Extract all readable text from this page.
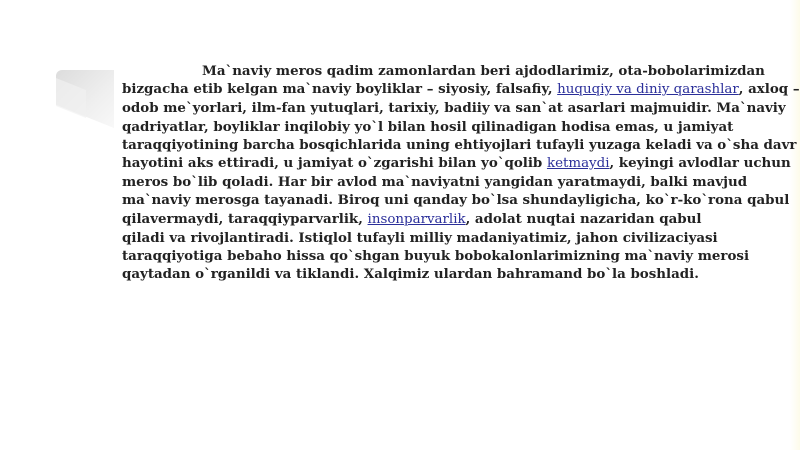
Ma`naviy meros qadim zamonlardan beri ajdodlarimiz, ota-bobolarimizdan
bizgacha etib kelgan ma`naviy boyliklar – siyosiy, falsafiy, huquqiy va diniy qarashlar, axloq –
odob me`yorlari, ilm-fan yutuqlari, tarixiy, badiiy va san`at asarlari majmuidir. Ma`naviy
qadriyatlar, boyliklar inqilobiy yo`l bilan hosil qilinadigan hodisa emas, u jamiyat
taraqqiyotining barcha bosqichlarida uning ehtiyojlari tufayli yuzaga keladi va o`sha davr
hayotini aks ettiradi, u jamiyat o`zgarishi bilan yo`qolib ketmaydi, keyingi avlodlar uchun
meros bo`lib qoladi. Har bir avlod ma`naviyatni yangidan yaratmaydi, balki mavjud
ma`naviy merosga tayanadi. Biroq uni qanday bo`lsa shundayligicha, ko`r-ko`rona qabul
qilavermaydi, taraqqiyparvarlik, insonparvarlik, adolat nuqtai nazaridan qabul
qiladi va rivojlantiradi. Istiqlol tufayli milliy madaniyatimiz, jahon civilizaciyasi
taraqqiyotiga bebaho hissa qo`shgan buyuk bobokalonlarimizning ma`naviy merosi
qaytadan o`rganildi va tiklandi. Xalqimiz ulardan bahramand bo`la boshladi.
